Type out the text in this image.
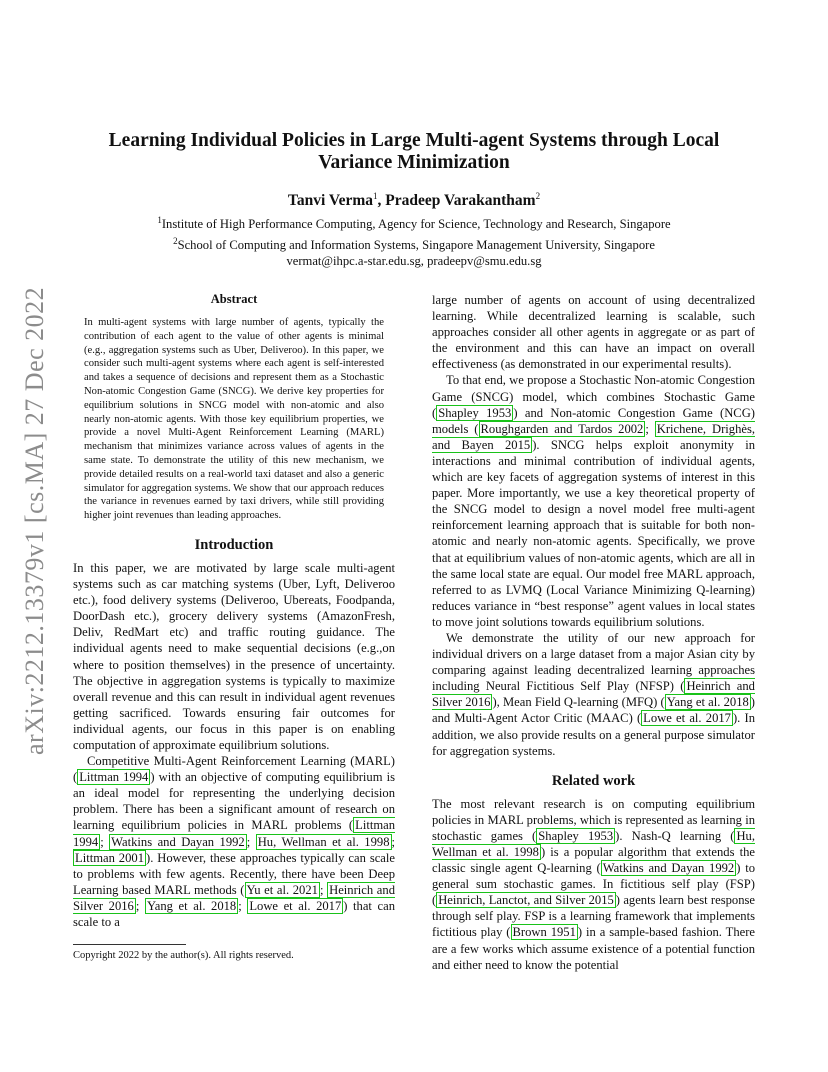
arXiv:2212.13379v1 [cs.MA] 27 Dec 2022
Learning Individual Policies in Large Multi-agent Systems through Local Variance Minimization
Tanvi Verma$^1$, Pradeep Varakantham$^2$
$^1$Institute of High Performance Computing, Agency for Science, Technology and Research, Singapore
$^2$School of Computing and Information Systems, Singapore Management University, Singapore
vermat@ihpc.a-star.edu.sg, pradeepv@smu.edu.sg
Abstract
In multi-agent systems with large number of agents, typically the contribution of each agent to the value of other agents is minimal (e.g., aggregation systems such as Uber, Deliveroo). In this paper, we consider such multi-agent systems where each agent is self-interested and takes a sequence of decisions and represent them as a Stochastic Non-atomic Congestion Game (SNCG). We derive key properties for equilibrium solutions in SNCG model with non-atomic and also nearly non-atomic agents. With those key equilibrium properties, we provide a novel Multi-Agent Reinforcement Learning (MARL) mechanism that minimizes variance across values of agents in the same state. To demonstrate the utility of this new mechanism, we provide detailed results on a real-world taxi dataset and also a generic simulator for aggregation systems. We show that our approach reduces the variance in revenues earned by taxi drivers, while still providing higher joint revenues than leading approaches.
Introduction

In this paper, we are motivated by large scale multi-agent systems such as car matching systems (Uber, Lyft, Deliveroo etc.), food delivery systems (Deliveroo, Ubereats, Foodpanda, DoorDash etc.), grocery delivery systems (AmazonFresh, Deliv, RedMart etc) and traffic routing guidance. The individual agents need to make sequential decisions (e.g.,on where to position themselves) in the presence of uncertainty. The objective in aggregation systems is typically to maximize overall revenue and this can result in individual agent revenues getting sacrificed. Towards ensuring fair outcomes for individual agents, our focus in this paper is on enabling computation of approximate equilibrium solutions.

Competitive Multi-Agent Reinforcement Learning (MARL) ( Littman 1994 ) with an objective of computing equilibrium is an ideal model for representing the underlying decision problem. There has been a significant amount of research on learning equilibrium policies in MARL problems ( Littman 1994 ; Watkins and Dayan 1992 ; Hu, Wellman et al. 1998 ; Littman 2001 ). However, these approaches typically can scale to problems with few agents. Recently, there have been Deep Learning based MARL methods ( Yu et al. 2021 ; Heinrich and Silver 2016 ; Yang et al. 2018 ; Lowe et al. 2017 ) that can scale to a

Copyright 2022 by the author(s). All rights reserved.

large number of agents on account of using decentralized learning. While decentralized learning is scalable, such approaches consider all other agents in aggregate or as part of the environment and this can have an impact on overall effectiveness (as demonstrated in our experimental results).

To that end, we propose a Stochastic Non-atomic Congestion Game (SNCG) model, which combines Stochastic Game ( Shapley 1953 ) and Non-atomic Congestion Game (NCG) models ( Roughgarden and Tardos 2002 ; Krichene, Drighès, and Bayen 2015 ). SNCG helps exploit anonymity in interactions and minimal contribution of individual agents, which are key facets of aggregation systems of interest in this paper. More importantly, we use a key theoretical property of the SNCG model to design a novel model free multi-agent reinforcement learning approach that is suitable for both non-atomic and nearly non-atomic agents. Specifically, we prove that at equilibrium values of non-atomic agents, which are all in the same local state are equal. Our model free MARL approach, referred to as LVMQ (Local Variance Minimizing Q-learning) reduces variance in “best response” agent values in local states to move joint solutions towards equilibrium solutions.

We demonstrate the utility of our new approach for individual drivers on a large dataset from a major Asian city by comparing against leading decentralized learning approaches including Neural Fictitious Self Play (NFSP) ( Heinrich and Silver 2016 ), Mean Field Q-learning (MFQ) ( Yang et al. 2018 ) and Multi-Agent Actor Critic (MAAC) ( Lowe et al. 2017 ). In addition, we also provide results on a general purpose simulator for aggregation systems.

Related work

The most relevant research is on computing equilibrium policies in MARL problems, which is represented as learning in stochastic games ( Shapley 1953 ). Nash-Q learning ( Hu, Wellman et al. 1998 ) is a popular algorithm that extends the classic single agent Q-learning ( Watkins and Dayan 1992 ) to general sum stochastic games. In fictitious self play (FSP) ( Heinrich, Lanctot, and Silver 2015 ) agents learn best response through self play. FSP is a learning framework that implements fictitious play ( Brown 1951 ) in a sample-based fashion. There are a few works which assume existence of a potential function and either need to know the potential
